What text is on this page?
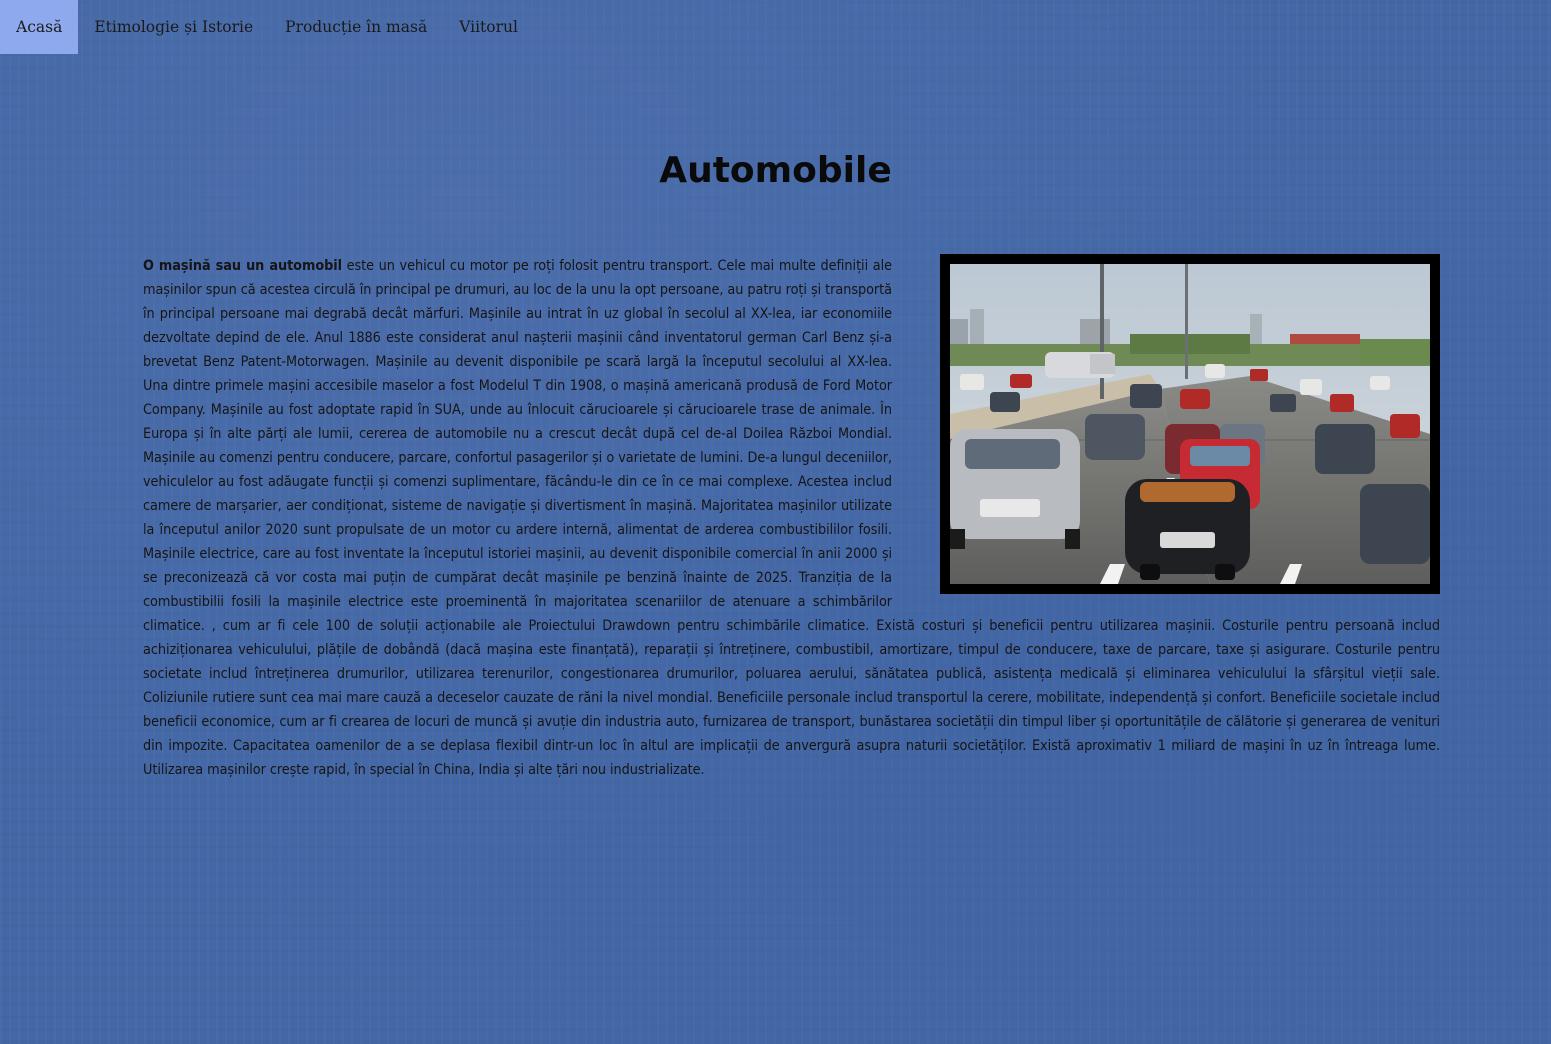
Acasă	Etimologie și Istorie	Producție în masă	Viitorul
Automobile

O mașină sau un automobil este un vehicul cu motor pe roți folosit pentru transport. Cele mai multe definiții ale mașinilor spun că acestea circulă în principal pe drumuri, au loc de la unu la opt persoane, au patru roți și transportă în principal persoane mai degrabă decât mărfuri. Mașinile au intrat în uz global în secolul al XX-lea, iar economiile dezvoltate depind de ele. Anul 1886 este considerat anul nașterii mașinii când inventatorul german Carl Benz și-a brevetat Benz Patent-Motorwagen. Mașinile au devenit disponibile pe scară largă la începutul secolului al XX-lea. Una dintre primele mașini accesibile maselor a fost Modelul T din 1908, o mașină americană produsă de Ford Motor Company. Mașinile au fost adoptate rapid în SUA, unde au înlocuit cărucioarele și cărucioarele trase de animale. În Europa și în alte părți ale lumii, cererea de automobile nu a crescut decât după cel de-al Doilea Război Mondial. Mașinile au comenzi pentru conducere, parcare, confortul pasagerilor și o varietate de lumini. De-a lungul deceniilor, vehiculelor au fost adăugate funcții și comenzi suplimentare, făcându-le din ce în ce mai complexe. Acestea includ camere de marșarier, aer condiționat, sisteme de navigație și divertisment în mașină. Majoritatea mașinilor utilizate la începutul anilor 2020 sunt propulsate de un motor cu ardere internă, alimentat de arderea combustibililor fosili. Mașinile electrice, care au fost inventate la începutul istoriei mașinii, au devenit disponibile comercial în anii 2000 și se preconizează că vor costa mai puțin de cumpărat decât mașinile pe benzină înainte de 2025. Tranziția de la combustibilii fosili la mașinile electrice este proeminentă în majoritatea scenariilor de atenuare a schimbărilor climatice. , cum ar fi cele 100 de soluții acționabile ale Proiectului Drawdown pentru schimbările climatice. Există costuri și beneficii pentru utilizarea mașinii. Costurile pentru persoană includ achiziționarea vehiculului, plățile de dobândă (dacă mașina este finanțată), reparații și întreținere, combustibil, amortizare, timpul de conducere, taxe de parcare, taxe și asigurare. Costurile pentru societate includ întreținerea drumurilor, utilizarea terenurilor, congestionarea drumurilor, poluarea aerului, sănătatea publică, asistența medicală și eliminarea vehiculului la sfârșitul vieții sale. Coliziunile rutiere sunt cea mai mare cauză a deceselor cauzate de răni la nivel mondial. Beneficiile personale includ transportul la cerere, mobilitate, independență și confort. Beneficiile societale includ beneficii economice, cum ar fi crearea de locuri de muncă și avuție din industria auto, furnizarea de transport, bunăstarea societății din timpul liber și oportunitățile de călătorie și generarea de venituri din impozite. Capacitatea oamenilor de a se deplasa flexibil dintr-un loc în altul are implicații de anvergură asupra naturii societăților. Există aproximativ 1 miliard de mașini în uz în întreaga lume. Utilizarea mașinilor crește rapid, în special în China, India și alte țări nou industrializate.
